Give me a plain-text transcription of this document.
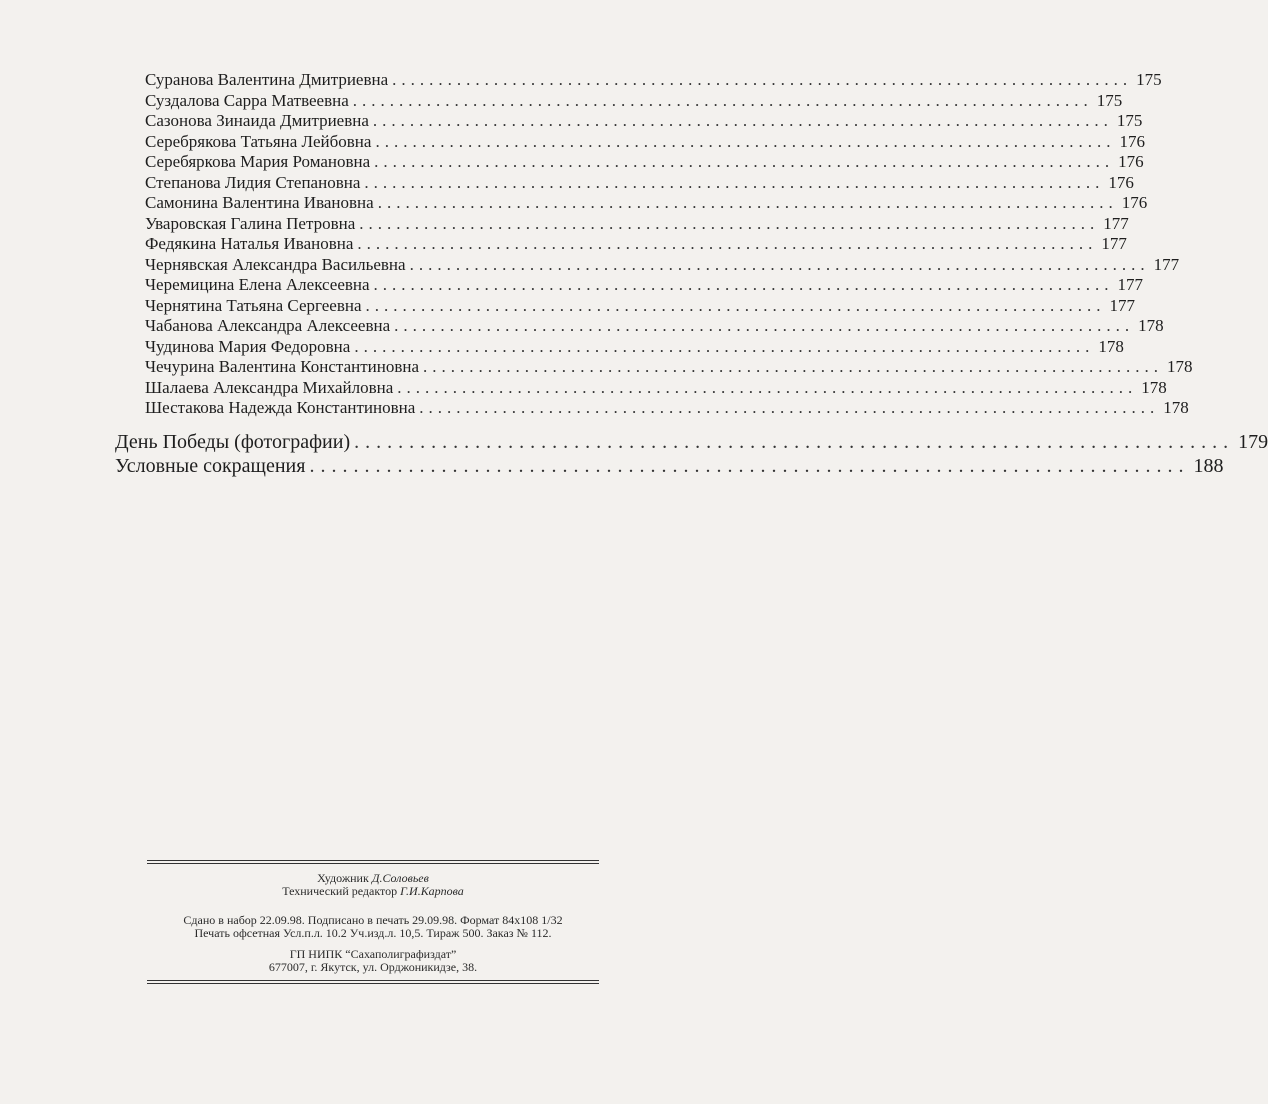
Суранова Валентина Дмитриевна ................................................................................ 175
Суздалова Сарра Матвеевна ................................................................................ 175
Сазонова Зинаида Дмитриевна ................................................................................ 175
Серебрякова Татьяна Лейбовна ................................................................................ 176
Серебяркова Мария Романовна ................................................................................ 176
Степанова Лидия Степановна ................................................................................ 176
Самонина Валентина Ивановна ................................................................................ 176
Уваровская Галина Петровна ................................................................................ 177
Федякина Наталья Ивановна ................................................................................ 177
Чернявская Александра Васильевна ................................................................................ 177
Черемицина Елена Алексеевна ................................................................................ 177
Чернятина Татьяна Сергеевна ................................................................................ 177
Чабанова Александра Алексеевна ................................................................................ 178
Чудинова Мария Федоровна ................................................................................ 178
Чечурина Валентина Константиновна ................................................................................ 178
Шалаева Александра Михайловна ................................................................................ 178
Шестакова Надежда Константиновна ................................................................................ 178
День Победы (фотографии) ................................................................................ 179
Условные сокращения ................................................................................ 188
Художник Д.Соловьев
Технический редактор Г.И.Карпова
Сдано в набор 22.09.98. Подписано в печать 29.09.98. Формат 84x108 1/32
Печать офсетная Усл.п.л. 10.2 Уч.изд.л. 10,5. Тираж 500. Заказ № 112.
ГП НИПК “Сахаполиграфиздат”
677007, г. Якутск, ул. Орджоникидзе, 38.
